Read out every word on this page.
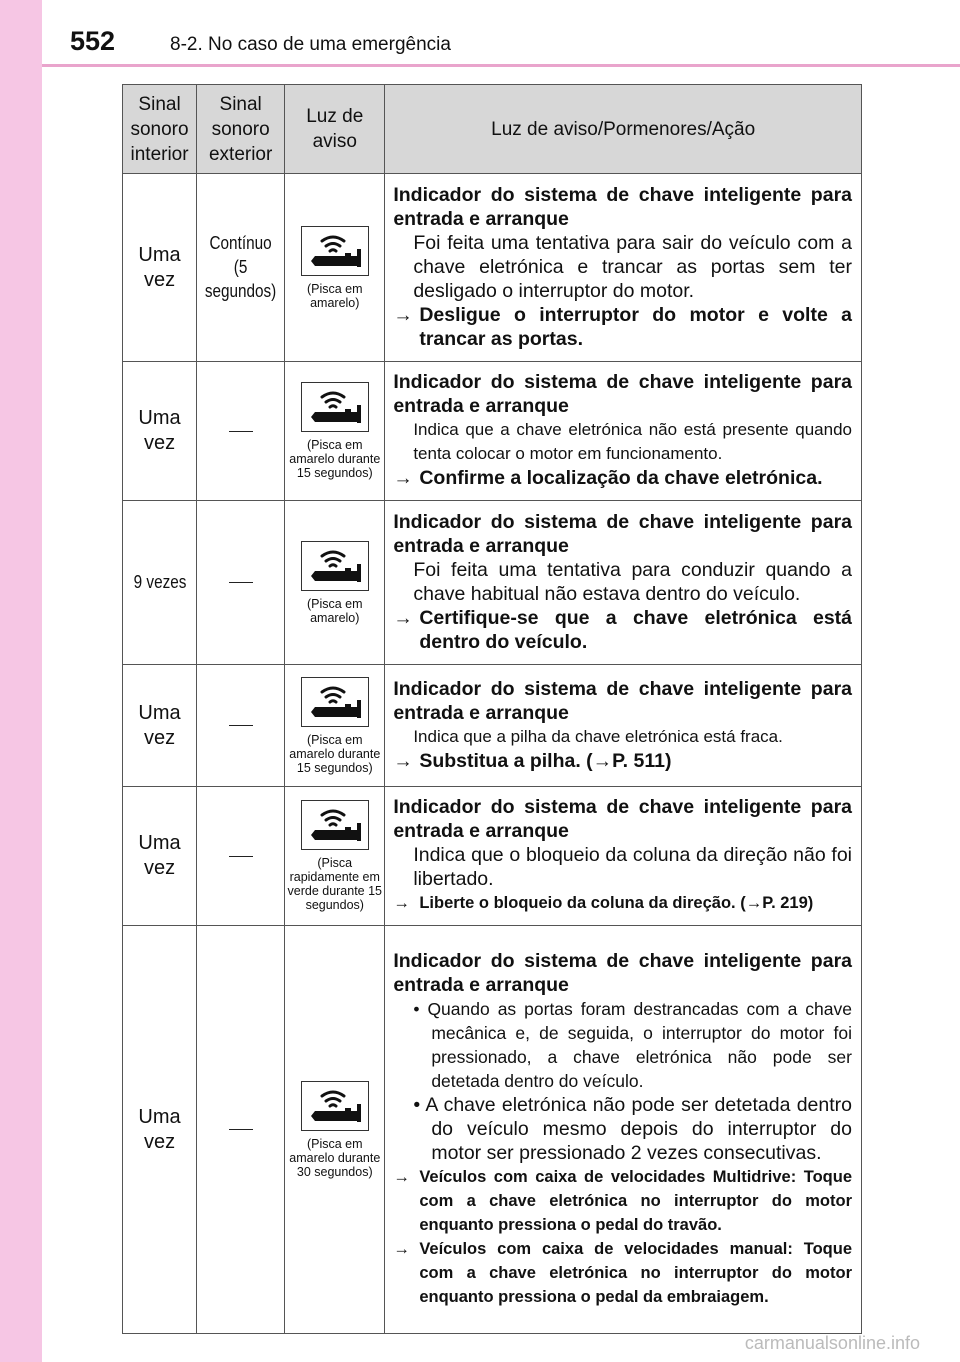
552	8-2. No caso de uma emergência
Sinal sonoro interior	Sinal sonoro exterior	Luz de aviso	Luz de aviso/Pormenores/Ação
Uma vez	Contínuo (5 segundos)	(Pisca em amarelo)	Indicador do sistema de chave inteligente para entrada e arranque
Foi feita uma tentativa para sair do veículo com a chave eletrónica e trancar as portas sem ter desligado o interruptor do motor.
→ Desligue o interruptor do motor e volte a trancar as portas.

Uma vez		(Pisca em amarelo durante 15 segundos)	Indicador do sistema de chave inteligente para entrada e arranque
Indica que a chave eletrónica não está presente quando tenta colocar o motor em funcionamento.
→ Confirme a localização da chave eletrónica.

9 vezes		(Pisca em amarelo)	Indicador do sistema de chave inteligente para entrada e arranque
Foi feita uma tentativa para conduzir quando a chave habitual não estava dentro do veículo.
→ Certifique-se que a chave eletrónica está dentro do veículo.

Uma vez		(Pisca em amarelo durante 15 segundos)	Indicador do sistema de chave inteligente para entrada e arranque
Indica que a pilha da chave eletrónica está fraca.
→ Substitua a pilha. (→P. 511)

Uma vez		(Pisca rapidamente em verde durante 15 segundos)	Indicador do sistema de chave inteligente para entrada e arranque
Indica que o bloqueio da coluna da direção não foi libertado.
→ Liberte o bloqueio da coluna da direção. (→P. 219)

Uma vez		(Pisca em amarelo durante 30 segundos)	Indicador do sistema de chave inteligente para entrada e arranque
• Quando as portas foram destrancadas com a chave mecânica e, de seguida, o interruptor do motor foi pressionado, a chave eletrónica não pode ser detetada dentro do veículo.
• A chave eletrónica não pode ser detetada dentro do veículo mesmo depois do interruptor do motor ser pressionado 2 vezes consecutivas.
→ Veículos com caixa de velocidades Multidrive: Toque com a chave eletrónica no interruptor do motor enquanto pressiona o pedal do travão.
→ Veículos com caixa de velocidades manual: Toque com a chave eletrónica no interruptor do motor enquanto pressiona o pedal da embraiagem.
carmanualsonline.info
